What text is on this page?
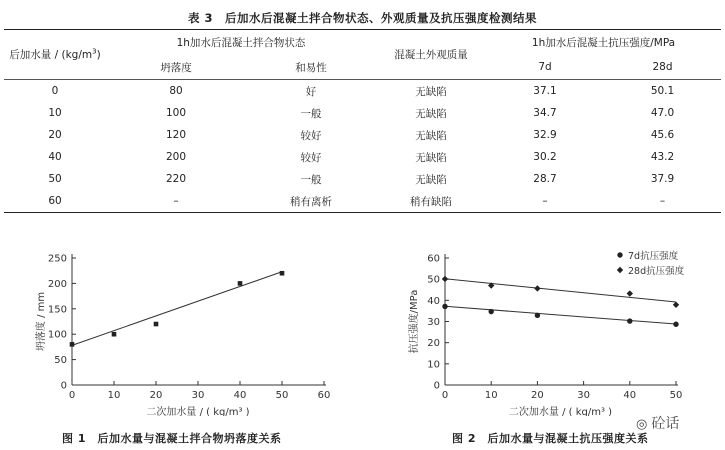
表 3　后加水后混凝土拌合物状态、外观质量及抗压强度检测结果
后加水量 / $(kg/m^3)$	1h加水后混凝土拌合物状态		混凝土外观质量	1h加水后混凝土抗压强度/MPa	
	坍落度	和易性		7d	28d
0	80	好	无缺陷	37.1	50.1
10	100	一般	无缺陷	34.7	47.0
20	120	较好	无缺陷	32.9	45.6
40	200	较好	无缺陷	30.2	43.2
50	220	一般	无缺陷	28.7	37.9
60	–	稍有离析	稍有缺陷	–	–
0
50
100
150
200
250
0	10	20	30	40	50	60
二次加水量 / ( kg/m³ )
坍落度 / mm
图 1　后加水量与混凝土拌合物坍落度关系
0
10
20
30
40
50
60
0	10	20	30	40	50
二次加水量 / ( kg/m³ )
抗压强度/MPa
7d抗压强度
28d抗压强度
图 2　后加水量与混凝土抗压强度关系
◎ 砼话
